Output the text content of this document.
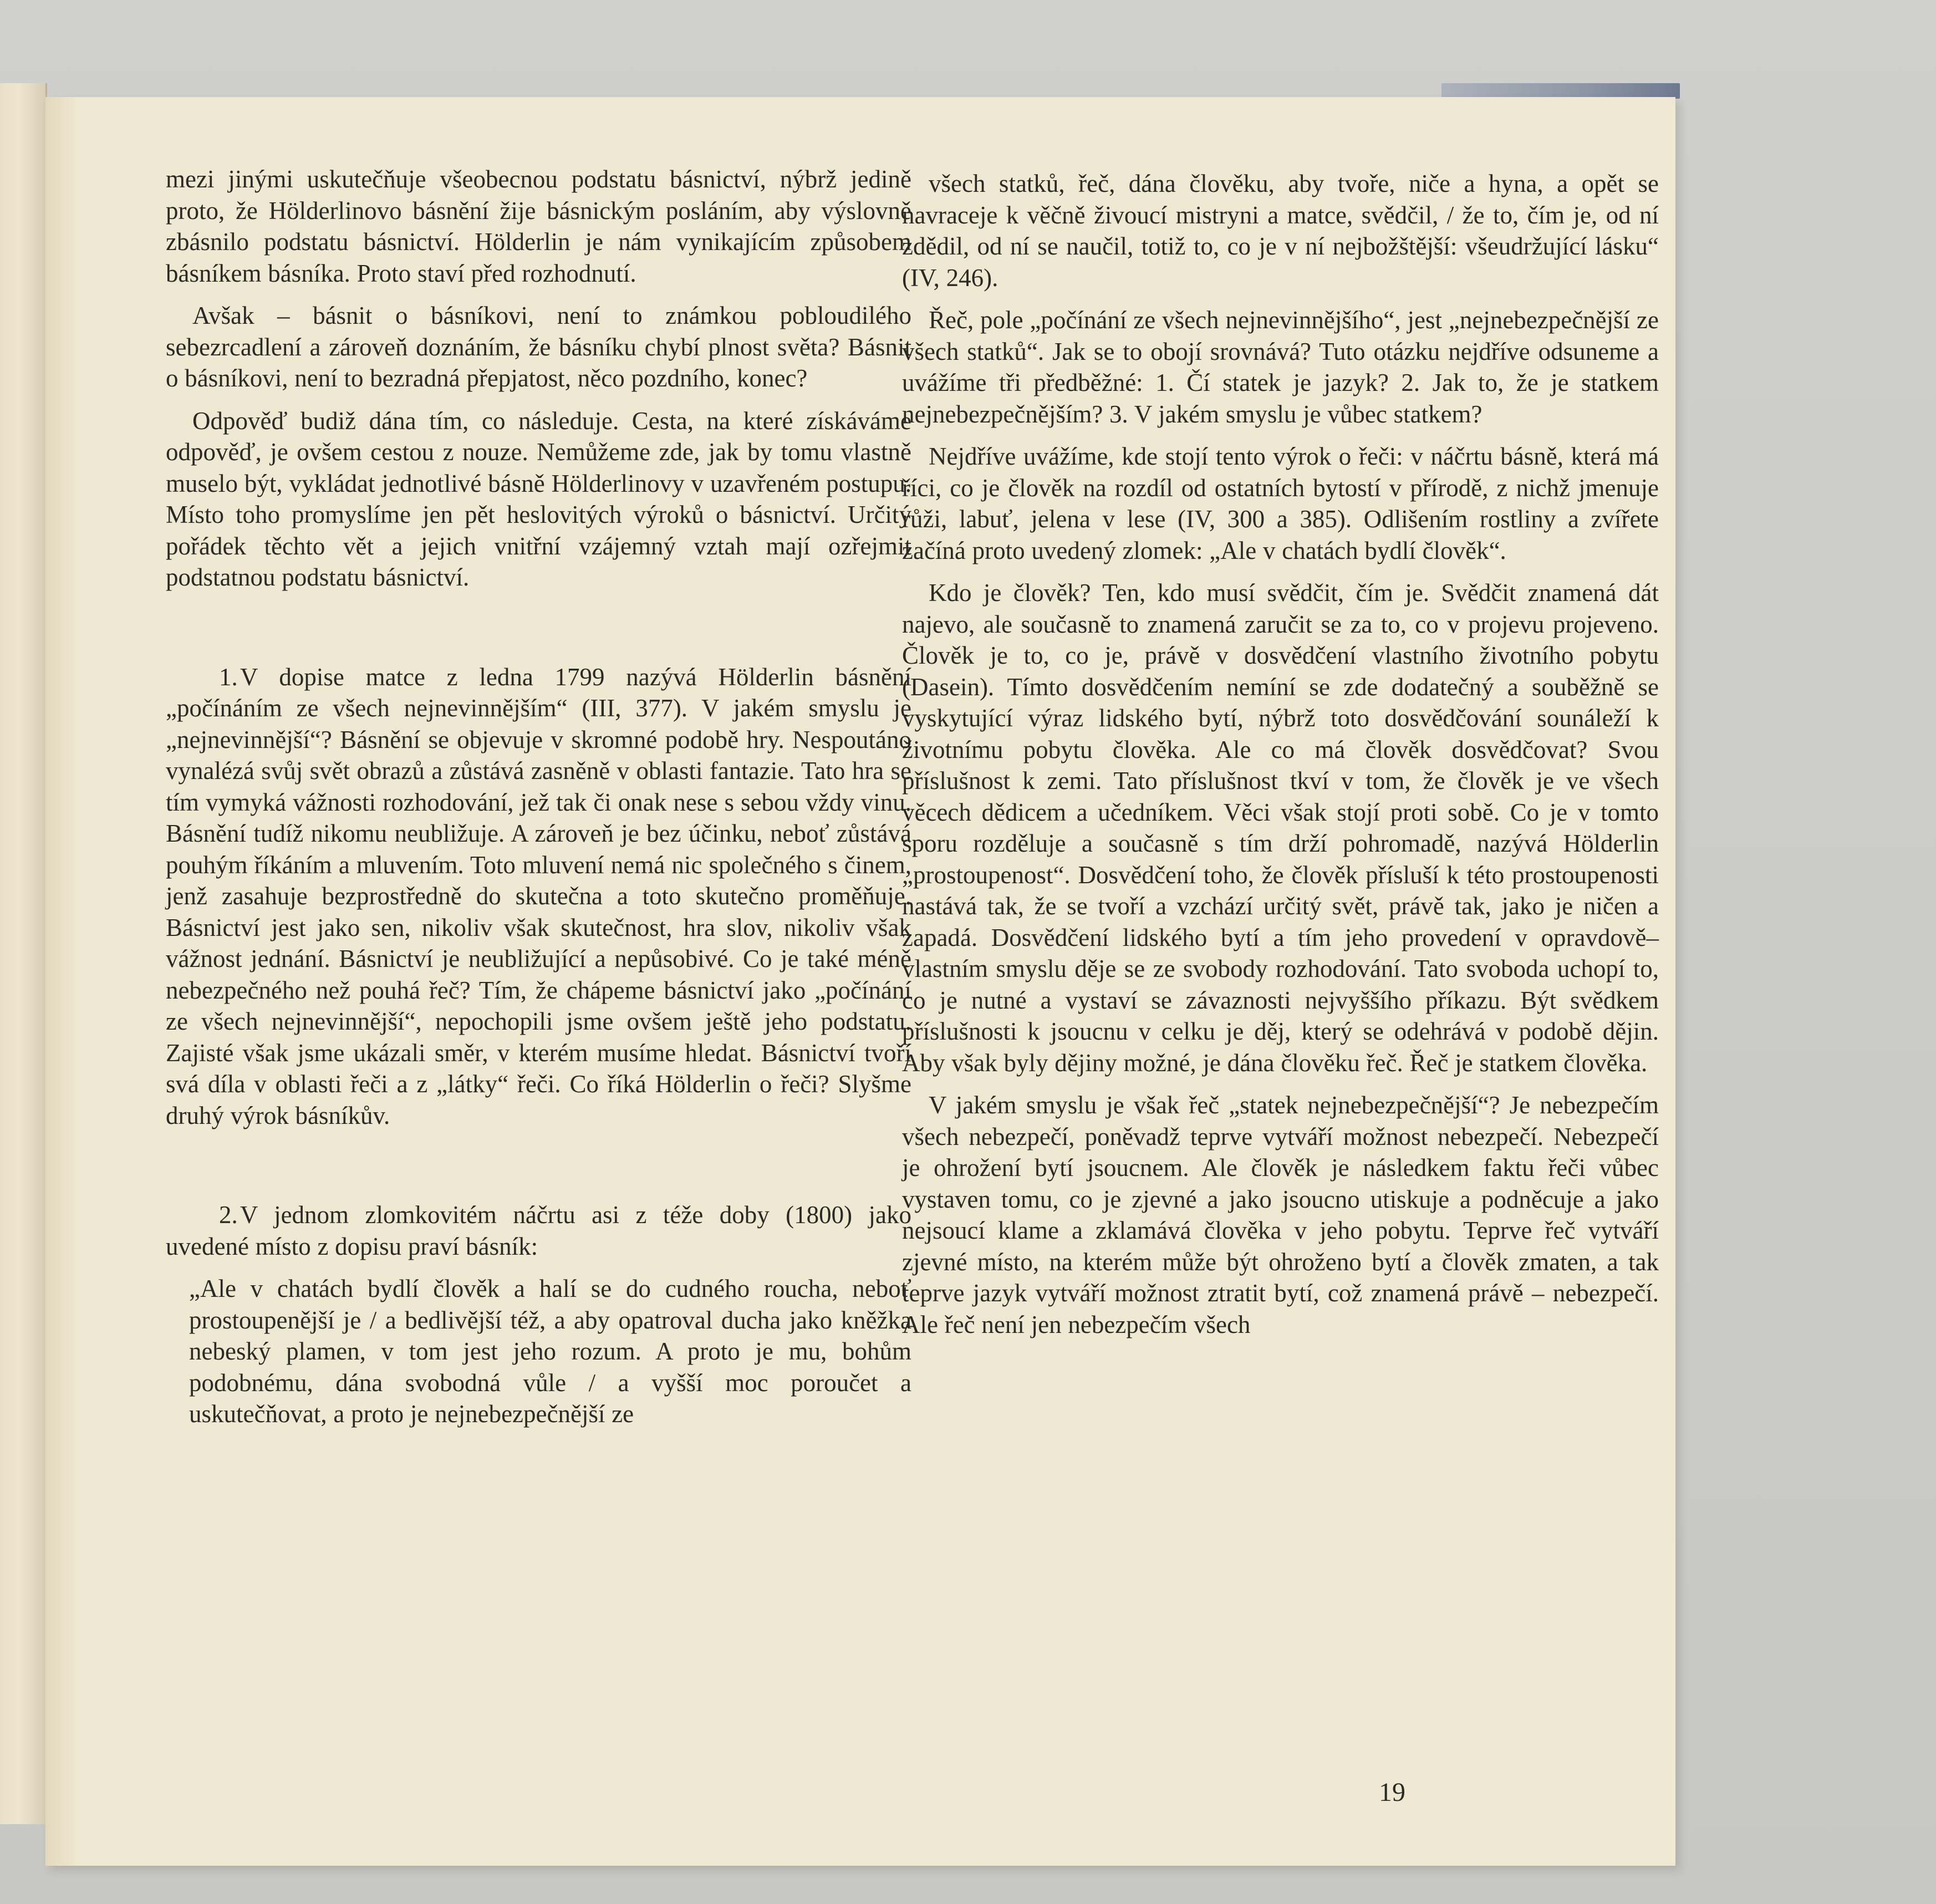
mezi jinými uskutečňuje všeobecnou podstatu básnictví, nýbrž jedině proto, že Hölderlinovo básnění žije básnickým posláním, aby výslovně zbásnilo podstatu básnictví. Hölderlin je nám vynikajícím způsobem básníkem básníka. Proto staví před rozhodnutí.

Avšak – básnit o básníkovi, není to známkou pobloudilého sebezrcadlení a zároveň doznáním, že básníku chybí plnost světa? Básnit o básníkovi, není to bezradná přepjatost, něco pozdního, konec?

Odpověď budiž dána tím, co následuje. Cesta, na které získáváme odpověď, je ovšem cestou z nouze. Nemůžeme zde, jak by tomu vlastně muselo být, vykládat jednotlivé básně Hölderlinovy v uzavřeném postupu. Místo toho promyslíme jen pět heslovitých výroků o básnictví. Určitý pořádek těchto vět a jejich vnitřní vzájemný vztah mají ozřejmit podstatnou podstatu básnictví.

1.V dopise matce z ledna 1799 nazývá Hölderlin básnění „počínáním ze všech nejnevinnějším“ (III, 377). V jakém smyslu je „nejnevinnější“? Básnění se objevuje v skromné podobě hry. Nespoutáno vynalézá svůj svět obrazů a zůstává zasněně v oblasti fantazie. Tato hra se tím vymyká vážnosti rozhodování, jež tak či onak nese s sebou vždy vinu. Básnění tudíž nikomu neubližuje. A zároveň je bez účinku, neboť zůstává pouhým říkáním a mluvením. Toto mluvení nemá nic společného s činem, jenž zasahuje bezprostředně do skutečna a toto skutečno proměňuje. Básnictví jest jako sen, nikoliv však skutečnost, hra slov, nikoliv však vážnost jednání. Básnictví je neubližující a nepůsobivé. Co je také méně nebezpečného než pouhá řeč? Tím, že chápeme básnictví jako „počínání ze všech nejnevinnější“, nepochopili jsme ovšem ještě jeho podstatu. Zajisté však jsme ukázali směr, v kterém musíme hledat. Básnictví tvoří svá díla v oblasti řeči a z „látky“ řeči. Co říká Hölderlin o řeči? Slyšme druhý výrok básníkův.

2.V jednom zlomkovitém náčrtu asi z téže doby (1800) jako uvedené místo z dopisu praví básník:

„Ale v chatách bydlí člověk a halí se do cudného roucha, neboť prostoupenější je / a bedlivější též, a aby opatroval ducha jako kněžka nebeský plamen, v tom jest jeho rozum. A proto je mu, bohům podobnému, dána svobodná vůle / a vyšší moc poroučet a uskutečňovat, a proto je nejnebezpečnější ze

všech statků, řeč, dána člověku, aby tvoře, niče a hyna, a opět se navraceje k věčně živoucí mistryni a matce, svědčil, / že to, čím je, od ní zdědil, od ní se naučil, totiž to, co je v ní nejbožštější: všeudržující lásku“ (IV, 246).

Řeč, pole „počínání ze všech nejnevinnějšího“, jest „nejnebezpečnější ze všech statků“. Jak se to obojí srovnává? Tuto otázku nejdříve odsuneme a uvážíme tři předběžné: 1. Čí statek je jazyk? 2. Jak to, že je statkem nejnebezpečnějším? 3. V jakém smyslu je vůbec statkem?

Nejdříve uvážíme, kde stojí tento výrok o řeči: v náčrtu básně, která má říci, co je člověk na rozdíl od ostatních bytostí v přírodě, z nichž jmenuje růži, labuť, jelena v lese (IV, 300 a 385). Odlišením rostliny a zvířete začíná proto uvedený zlomek: „Ale v chatách bydlí člověk“.

Kdo je člověk? Ten, kdo musí svědčit, čím je. Svědčit znamená dát najevo, ale současně to znamená zaručit se za to, co v projevu projeveno. Člověk je to, co je, právě v dosvědčení vlastního životního pobytu (Dasein). Tímto dosvědčením nemíní se zde dodatečný a souběžně se vyskytující výraz lidského bytí, nýbrž toto dosvědčování sounáleží k životnímu pobytu člověka. Ale co má člověk dosvědčovat? Svou příslušnost k zemi. Tato příslušnost tkví v tom, že člověk je ve všech věcech dědicem a učedníkem. Věci však stojí proti sobě. Co je v tomto sporu rozděluje a současně s tím drží pohromadě, nazývá Hölderlin „prostoupenost“. Dosvědčení toho, že člověk přísluší k této prostoupenosti nastává tak, že se tvoří a vzchází určitý svět, právě tak, jako je ničen a zapadá. Dosvědčení lidského bytí a tím jeho provedení v opravdově–vlastním smyslu děje se ze svobody rozhodování. Tato svoboda uchopí to, co je nutné a vystaví se závaznosti nejvyššího příkazu. Být svědkem příslušnosti k jsoucnu v celku je děj, který se odehrává v podobě dějin. Aby však byly dějiny možné, je dána člověku řeč. Řeč je statkem člověka.

V jakém smyslu je však řeč „statek nejnebezpečnější“? Je nebezpečím všech nebezpečí, poněvadž teprve vytváří možnost nebezpečí. Nebezpečí je ohrožení bytí jsoucnem. Ale člověk je následkem faktu řeči vůbec vystaven tomu, co je zjevné a jako jsoucno utiskuje a podněcuje a jako nejsoucí klame a zklamává člověka v jeho pobytu. Teprve řeč vytváří zjevné místo, na kterém může být ohroženo bytí a člověk zmaten, a tak teprve jazyk vytváří možnost ztratit bytí, což znamená právě – nebezpečí. Ale řeč není jen nebezpečím všech

19
